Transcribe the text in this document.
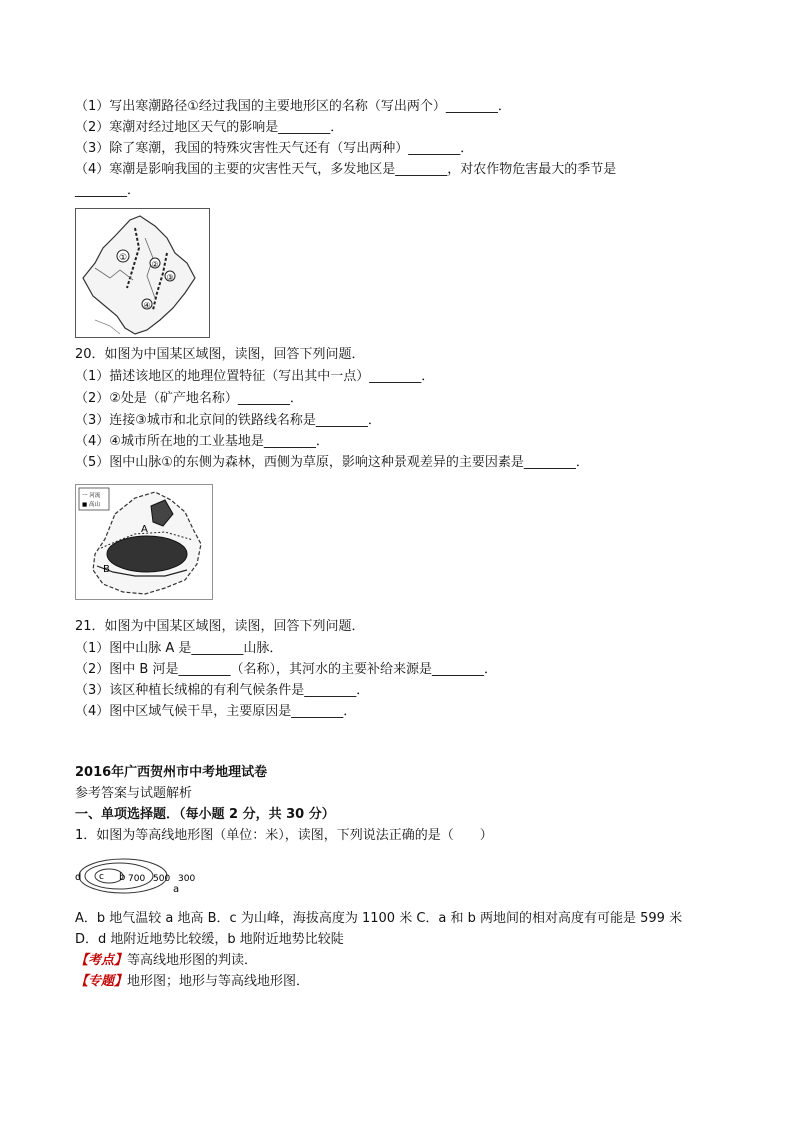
（1）写出寒潮路径①经过我国的主要地形区的名称（写出两个）________．
（2）寒潮对经过地区天气的影响是________．
（3）除了寒潮，我国的特殊灾害性天气还有（写出两种）________．
（4）寒潮是影响我国的主要的灾害性天气，多发地区是________，对农作物危害最大的季节是
________．
①
②
③
④
20．如图为中国某区域图，读图，回答下列问题．
（1）描述该地区的地理位置特征（写出其中一点）________．
（2）②处是（矿产地名称）________．
（3）连接③城市和北京间的铁路线名称是________．
（4）④城市所在地的工业基地是________．
（5）图中山脉①的东侧为森林，西侧为草原，影响这种景观差异的主要因素是________．
一 河流
■ 高山
A
B
21．如图为中国某区域图，读图，回答下列问题．
（1）图中山脉 A 是________山脉．
（2）图中 B 河是________（名称），其河水的主要补给来源是________．
（3）该区种植长绒棉的有利气候条件是________．
（4）图中区域气候干旱，主要原因是________．
2016年广西贺州市中考地理试卷
参考答案与试题解析
一、单项选择题．（每小题 2 分，共 30 分）
1．如图为等高线地形图（单位：米），读图，下列说法正确的是（　　）
d c b 700 500 300
a
A．b 地气温较 a 地高 B．c 为山峰，海拔高度为 1100 米 C．a 和 b 两地间的相对高度有可能是 599 米
D．d 地附近地势比较缓，b 地附近地势比较陡
【考点】等高线地形图的判读．
【专题】地形图；地形与等高线地形图．
